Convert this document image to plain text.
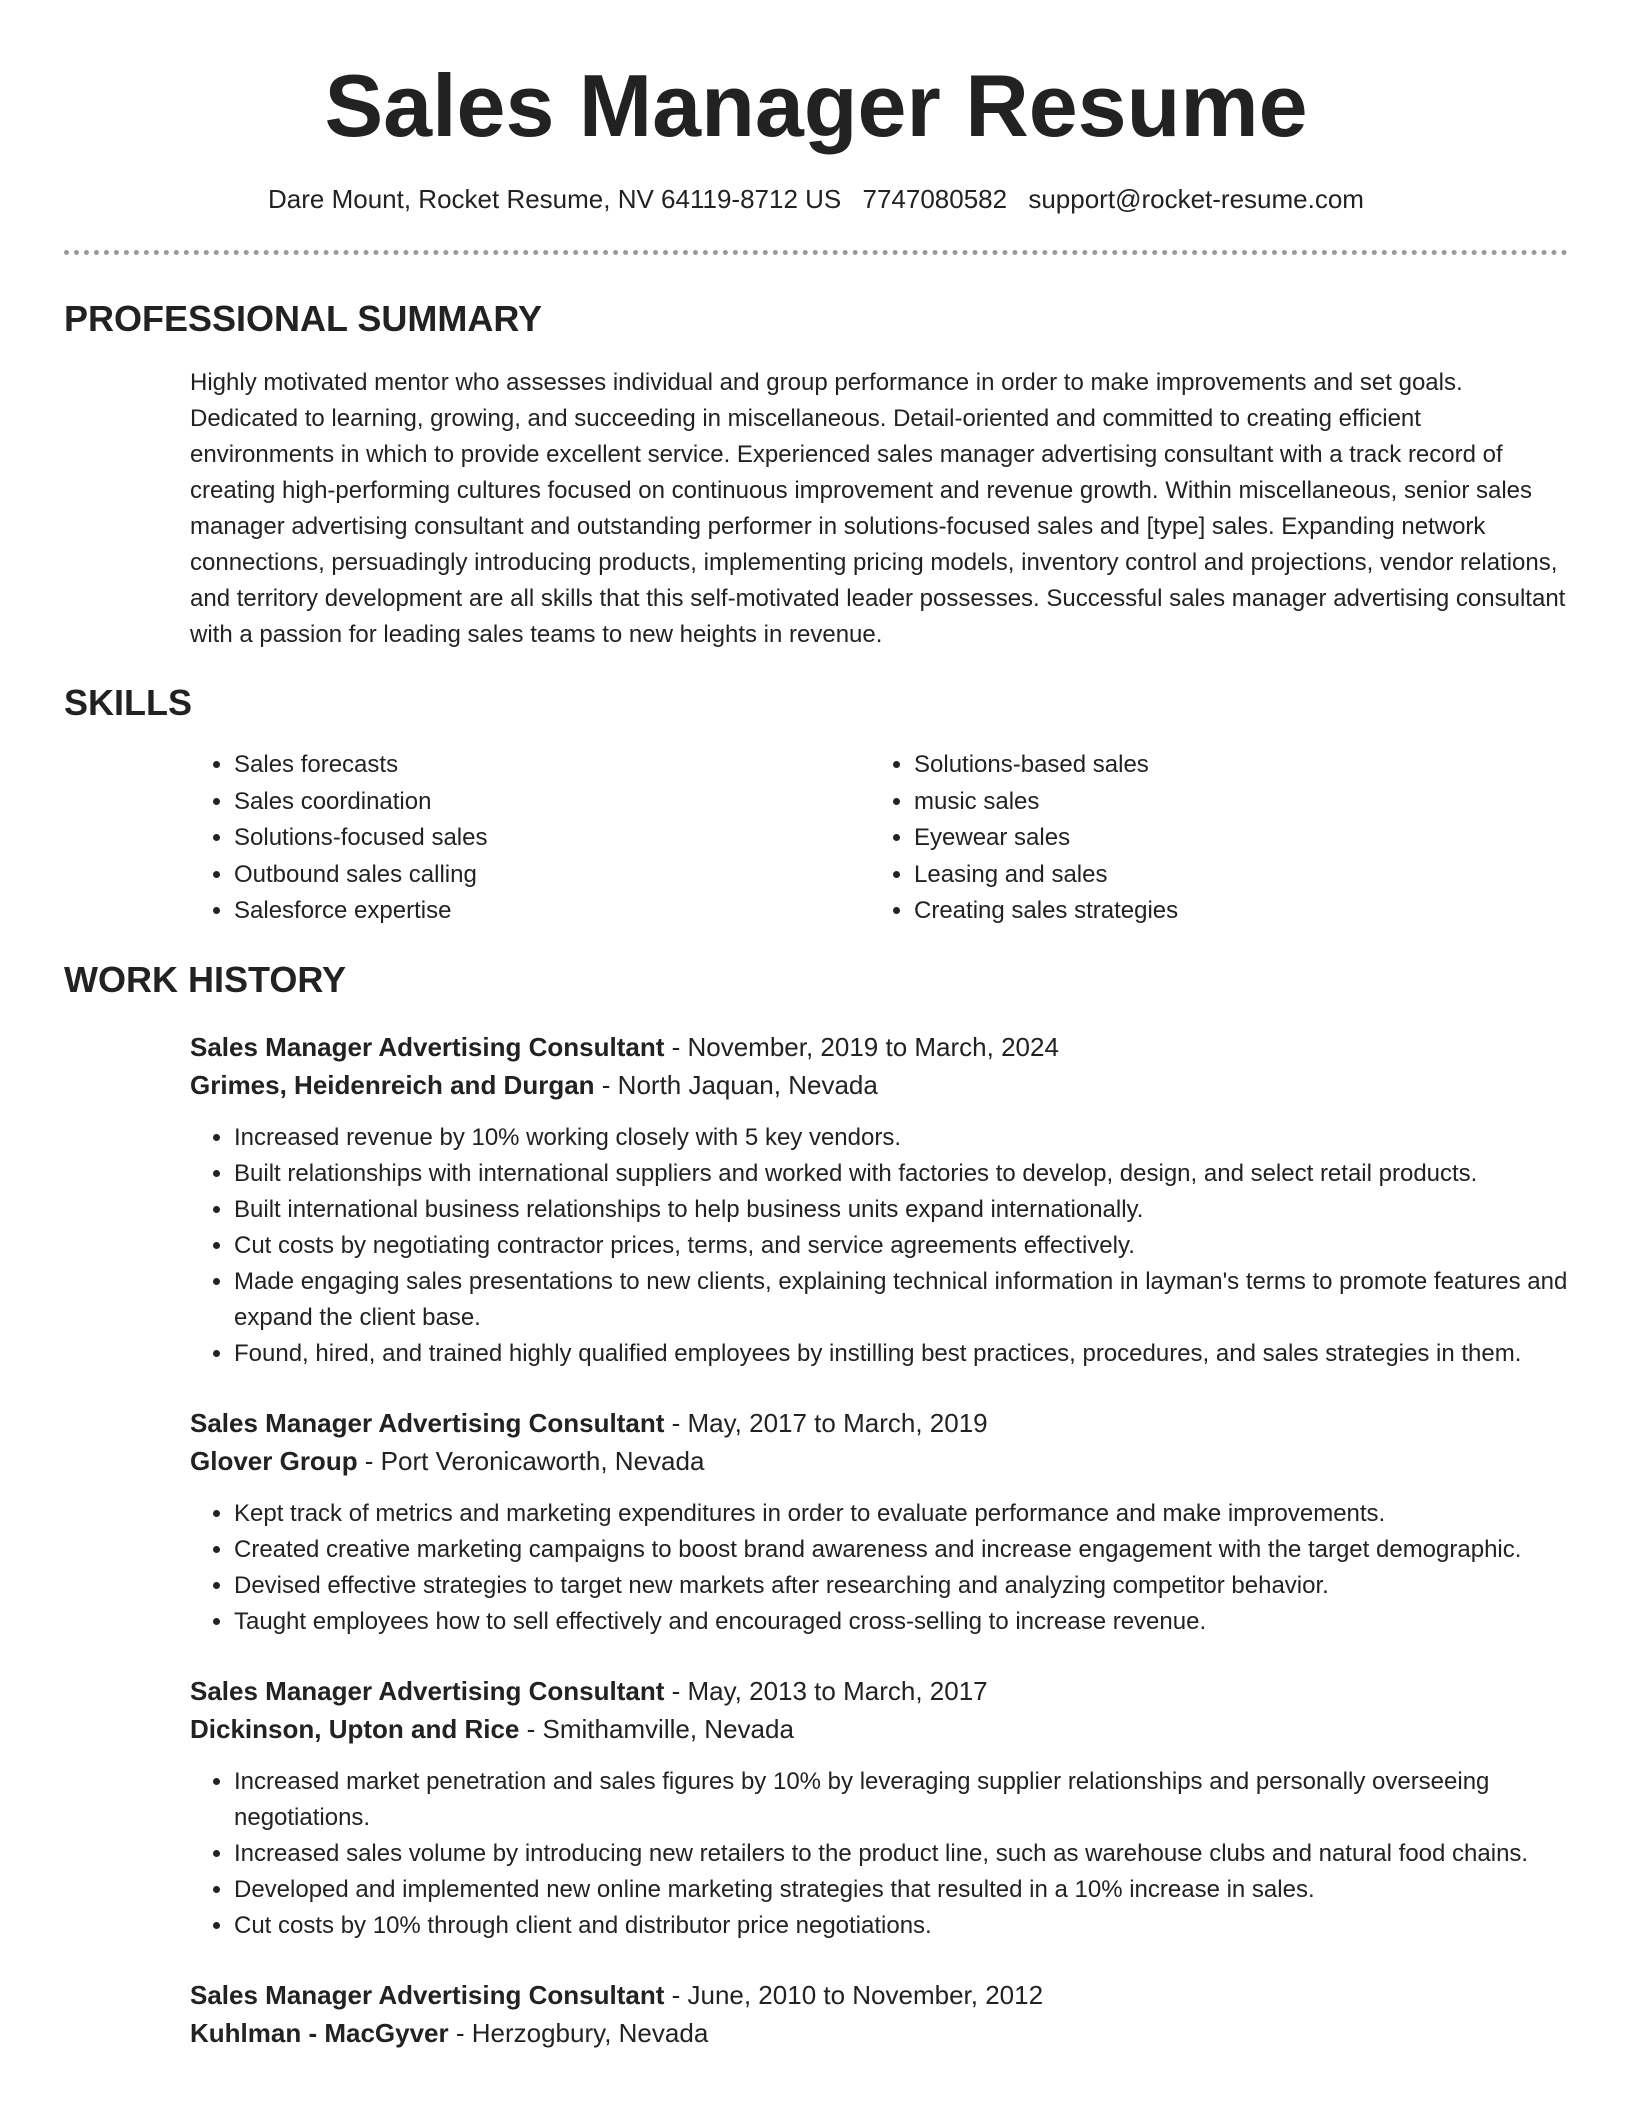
Sales Manager Resume
Dare Mount, Rocket Resume, NV 64119-8712 US 7747080582 support@rocket-resume.com
PROFESSIONAL SUMMARY

Highly motivated mentor who assesses individual and group performance in order to make improvements and set goals. Dedicated to learning, growing, and succeeding in miscellaneous. Detail-oriented and committed to creating efficient environments in which to provide excellent service. Experienced sales manager advertising consultant with a track record of creating high-performing cultures focused on continuous improvement and revenue growth. Within miscellaneous, senior sales manager advertising consultant and outstanding performer in solutions-focused sales and [type] sales. Expanding network connections, persuadingly introducing products, implementing pricing models, inventory control and projections, vendor relations, and territory development are all skills that this self-motivated leader possesses. Successful sales manager advertising consultant with a passion for leading sales teams to new heights in revenue.

SKILLS
• Sales forecasts
• Sales coordination
• Solutions-focused sales
• Outbound sales calling
• Salesforce expertise
• Solutions-based sales
• music sales
• Eyewear sales
• Leasing and sales
• Creating sales strategies
WORK HISTORY
Sales Manager Advertising Consultant - November, 2019 to March, 2024
Grimes, Heidenreich and Durgan - North Jaquan, Nevada
• Increased revenue by 10% working closely with 5 key vendors.
• Built relationships with international suppliers and worked with factories to develop, design, and select retail products.
• Built international business relationships to help business units expand internationally.
• Cut costs by negotiating contractor prices, terms, and service agreements effectively.
• Made engaging sales presentations to new clients, explaining technical information in layman's terms to promote features and expand the client base.
• Found, hired, and trained highly qualified employees by instilling best practices, procedures, and sales strategies in them.
Sales Manager Advertising Consultant - May, 2017 to March, 2019
Glover Group - Port Veronicaworth, Nevada
• Kept track of metrics and marketing expenditures in order to evaluate performance and make improvements.
• Created creative marketing campaigns to boost brand awareness and increase engagement with the target demographic.
• Devised effective strategies to target new markets after researching and analyzing competitor behavior.
• Taught employees how to sell effectively and encouraged cross-selling to increase revenue.
Sales Manager Advertising Consultant - May, 2013 to March, 2017
Dickinson, Upton and Rice - Smithamville, Nevada
• Increased market penetration and sales figures by 10% by leveraging supplier relationships and personally overseeing negotiations.
• Increased sales volume by introducing new retailers to the product line, such as warehouse clubs and natural food chains.
• Developed and implemented new online marketing strategies that resulted in a 10% increase in sales.
• Cut costs by 10% through client and distributor price negotiations.
Sales Manager Advertising Consultant - June, 2010 to November, 2012
Kuhlman - MacGyver - Herzogbury, Nevada
